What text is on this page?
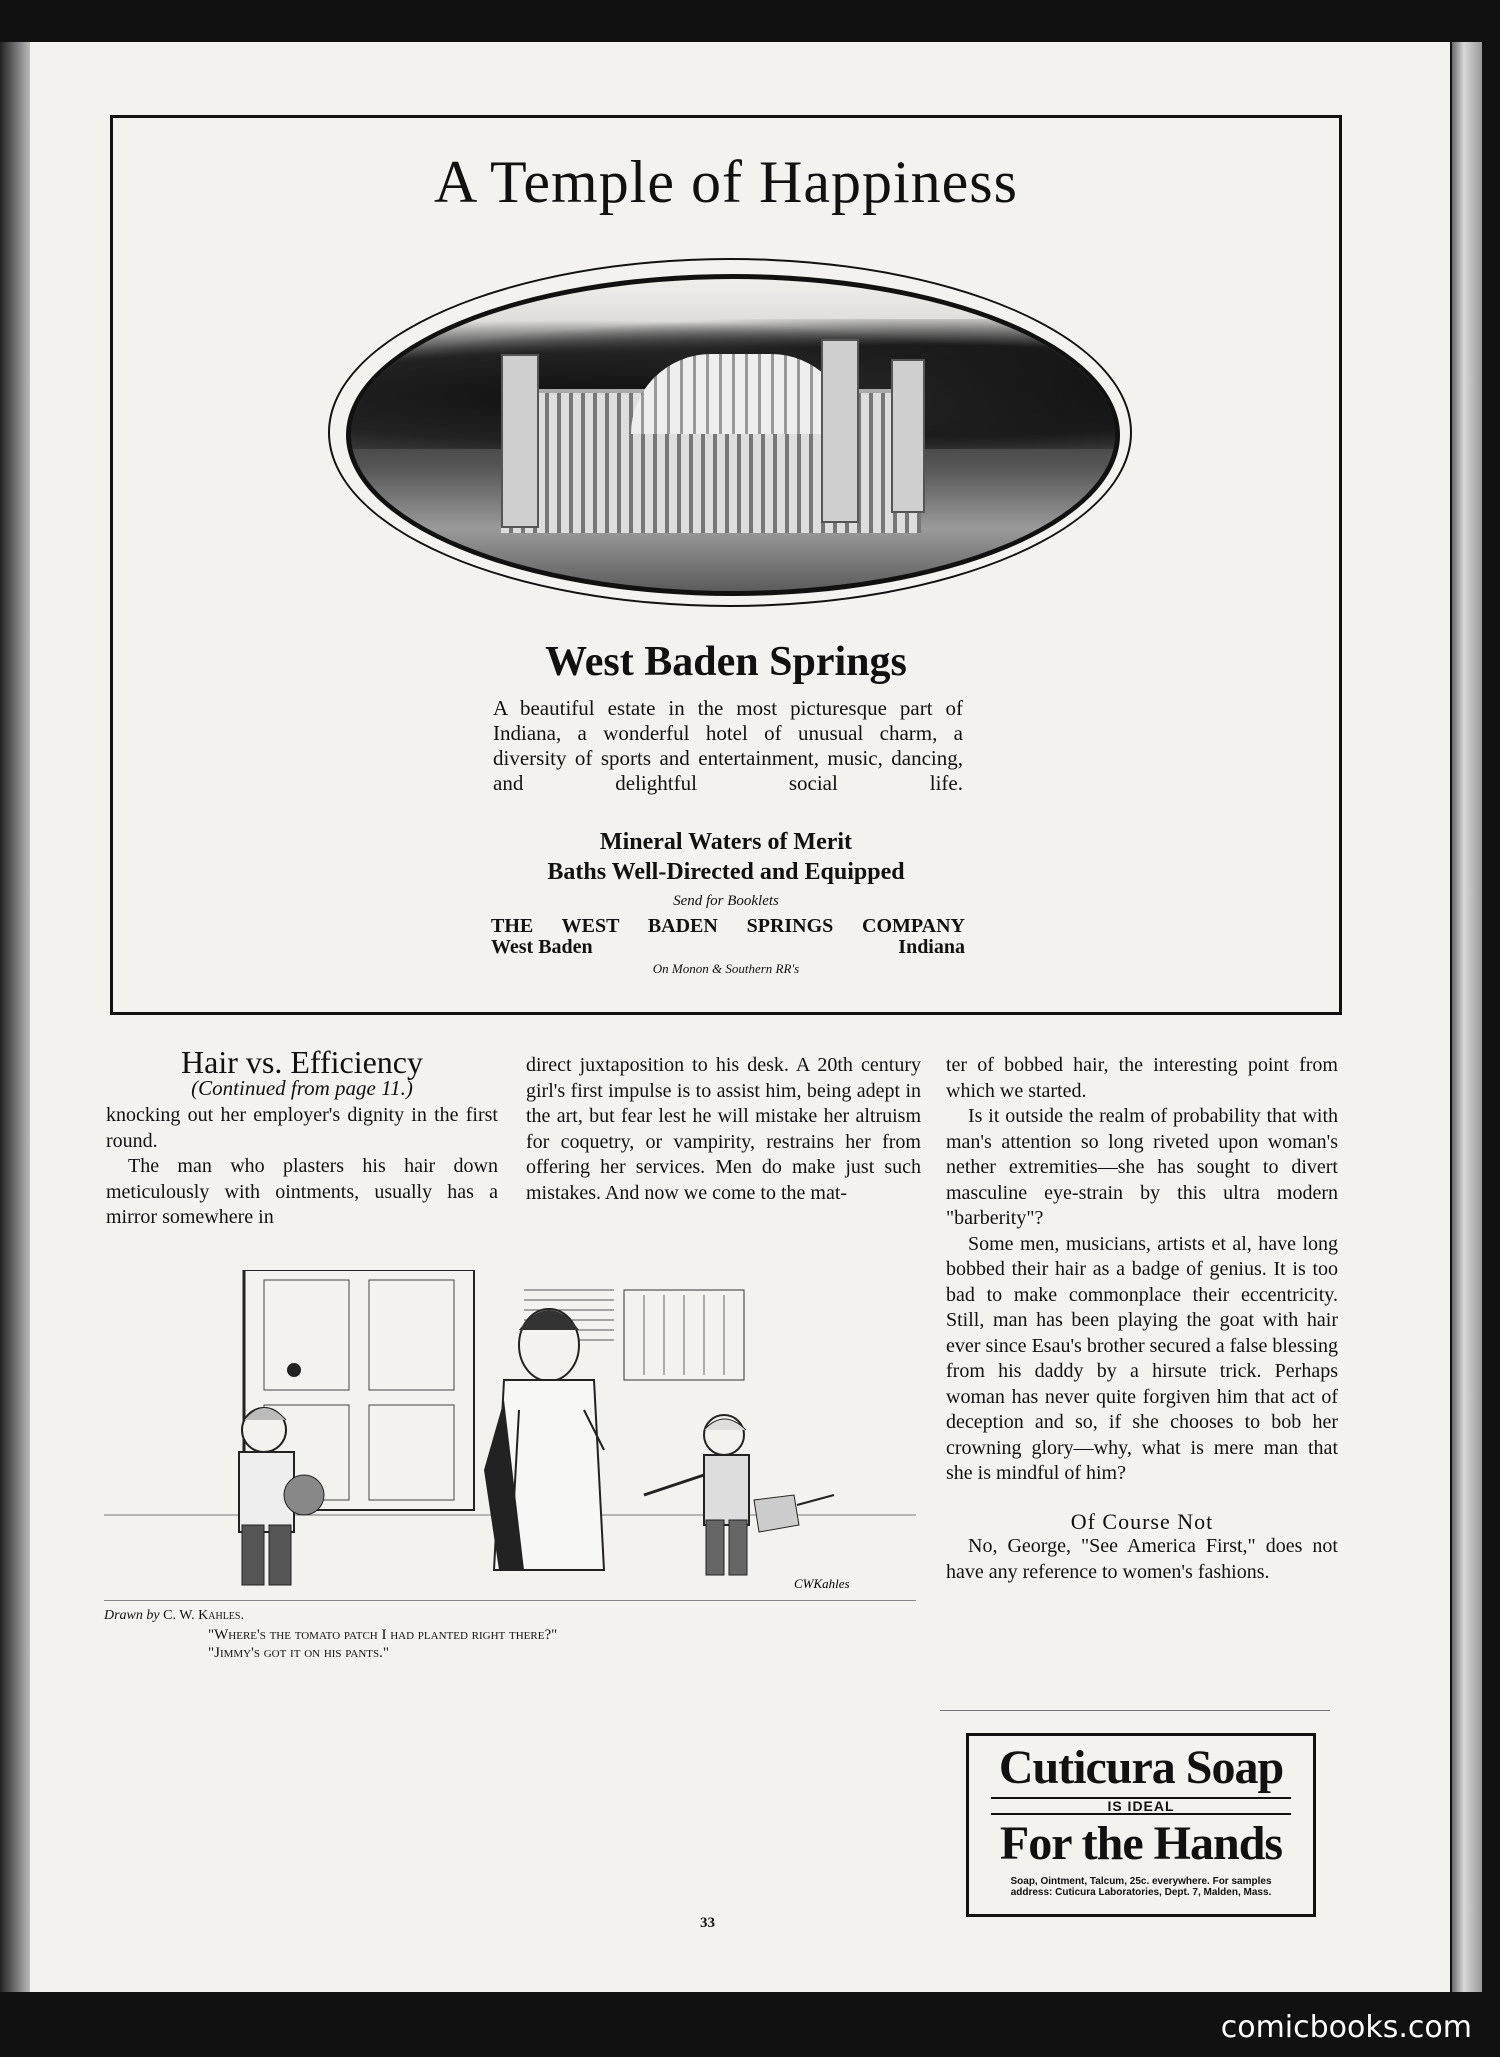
A Temple of Happiness
West Baden Springs
A beautiful estate in the most picturesque part of Indiana, a wonderful hotel of unusual charm, a diversity of sports and entertainment, music, dancing, and delightful social life.
Mineral Waters of Merit
Baths Well-Directed and Equipped
Send for Booklets
THE WEST BADEN SPRINGS COMPANY
West Baden	Indiana
On Monon & Southern RR's
Hair vs. Efficiency
(Continued from page 11.)

knocking out her employer's dignity in the first round.

The man who plasters his hair down meticulously with ointments, usually has a mirror somewhere in

direct juxtaposition to his desk. A 20th century girl's first impulse is to assist him, being adept in the art, but fear lest he will mistake her altruism for coquetry, or vampirity, restrains her from offering her services. Men do make just such mistakes. And now we come to the mat-

ter of bobbed hair, the interesting point from which we started.

Is it outside the realm of probability that with man's attention so long riveted upon woman's nether extremities—she has sought to divert masculine eye-strain by this ultra modern "barberity"?

Some men, musicians, artists et al, have long bobbed their hair as a badge of genius. It is too bad to make commonplace their eccentricity. Still, man has been playing the goat with hair ever since Esau's brother secured a false blessing from his daddy by a hirsute trick. Perhaps woman has never quite forgiven him that act of deception and so, if she chooses to bob her crowning glory—why, what is mere man that she is mindful of him?

Of Course Not

No, George, "See America First," does not have any reference to women's fashions.

CWKahles
Drawn by C. W. Kahles.
"Where's the tomato patch I had planted right there?"
"Jimmy's got it on his pants."
33
Cuticura Soap
IS IDEAL
For the Hands
Soap, Ointment, Talcum, 25c. everywhere. For samples
address: Cuticura Laboratories, Dept. 7, Malden, Mass.
comicbooks.com
